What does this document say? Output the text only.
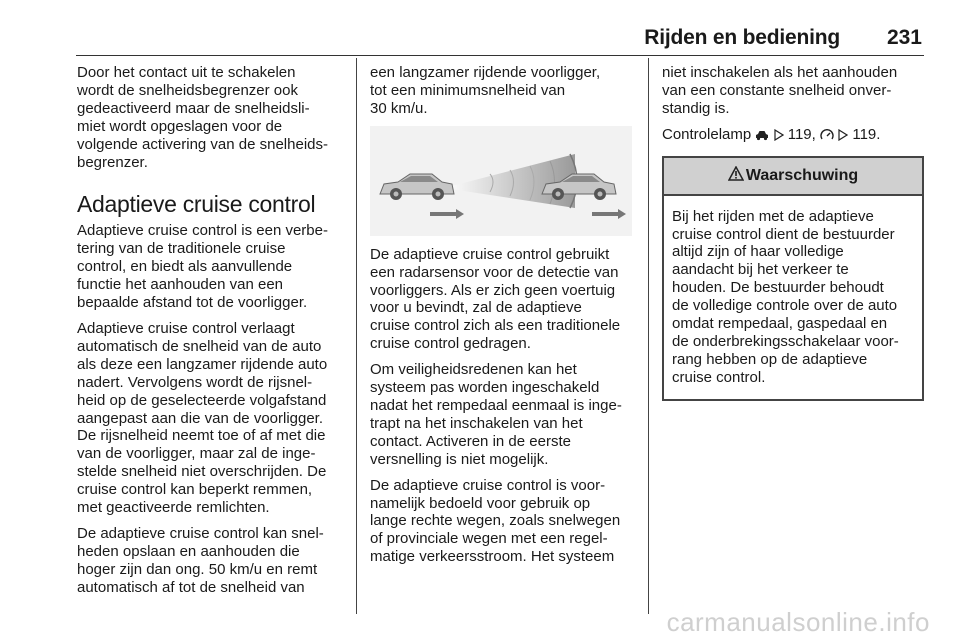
Rijden en bediening 231

Door het contact uit te schakelen
wordt de snelheidsbegrenzer ook
gedeactiveerd maar de snelheidsli-
miet wordt opgeslagen voor de
volgende activering van de snelheids-
begrenzer.

Adaptieve cruise control

Adaptieve cruise control is een verbe-
tering van de traditionele cruise
control, en biedt als aanvullende
functie het aanhouden van een
bepaalde afstand tot de voorligger.

Adaptieve cruise control verlaagt
automatisch de snelheid van de auto
als deze een langzamer rijdende auto
nadert. Vervolgens wordt de rijsnel-
heid op de geselecteerde volgafstand
aangepast aan die van de voorligger.
De rijsnelheid neemt toe of af met die
van de voorligger, maar zal de inge-
stelde snelheid niet overschrijden. De
cruise control kan beperkt remmen,
met geactiveerde remlichten.

De adaptieve cruise control kan snel-
heden opslaan en aanhouden die
hoger zijn dan ong. 50 km/u en remt
automatisch af tot de snelheid van

een langzamer rijdende voorligger,
tot een minimumsnelheid van
30 km/u.

De adaptieve cruise control gebruikt
een radarsensor voor de detectie van
voorliggers. Als er zich geen voertuig
voor u bevindt, zal de adaptieve
cruise control zich als een traditionele
cruise control gedragen.

Om veiligheidsredenen kan het
systeem pas worden ingeschakeld
nadat het rempedaal eenmaal is inge-
trapt na het inschakelen van het
contact. Activeren in de eerste
versnelling is niet mogelijk.

De adaptieve cruise control is voor-
namelijk bedoeld voor gebruik op
lange rechte wegen, zoals snelwegen
of provinciale wegen met een regel-
matige verkeersstroom. Het systeem

niet inschakelen als het aanhouden
van een constante snelheid onver-
standig is.

Controlelamp 119, 119.

Waarschuwing
Bij het rijden met de adaptieve
cruise control dient de bestuurder
altijd zijn of haar volledige
aandacht bij het verkeer te
houden. De bestuurder behoudt
de volledige controle over de auto
omdat rempedaal, gaspedaal en
de onderbrekingsschakelaar voor-
rang hebben op de adaptieve
cruise control.
carmanualsonline.info
